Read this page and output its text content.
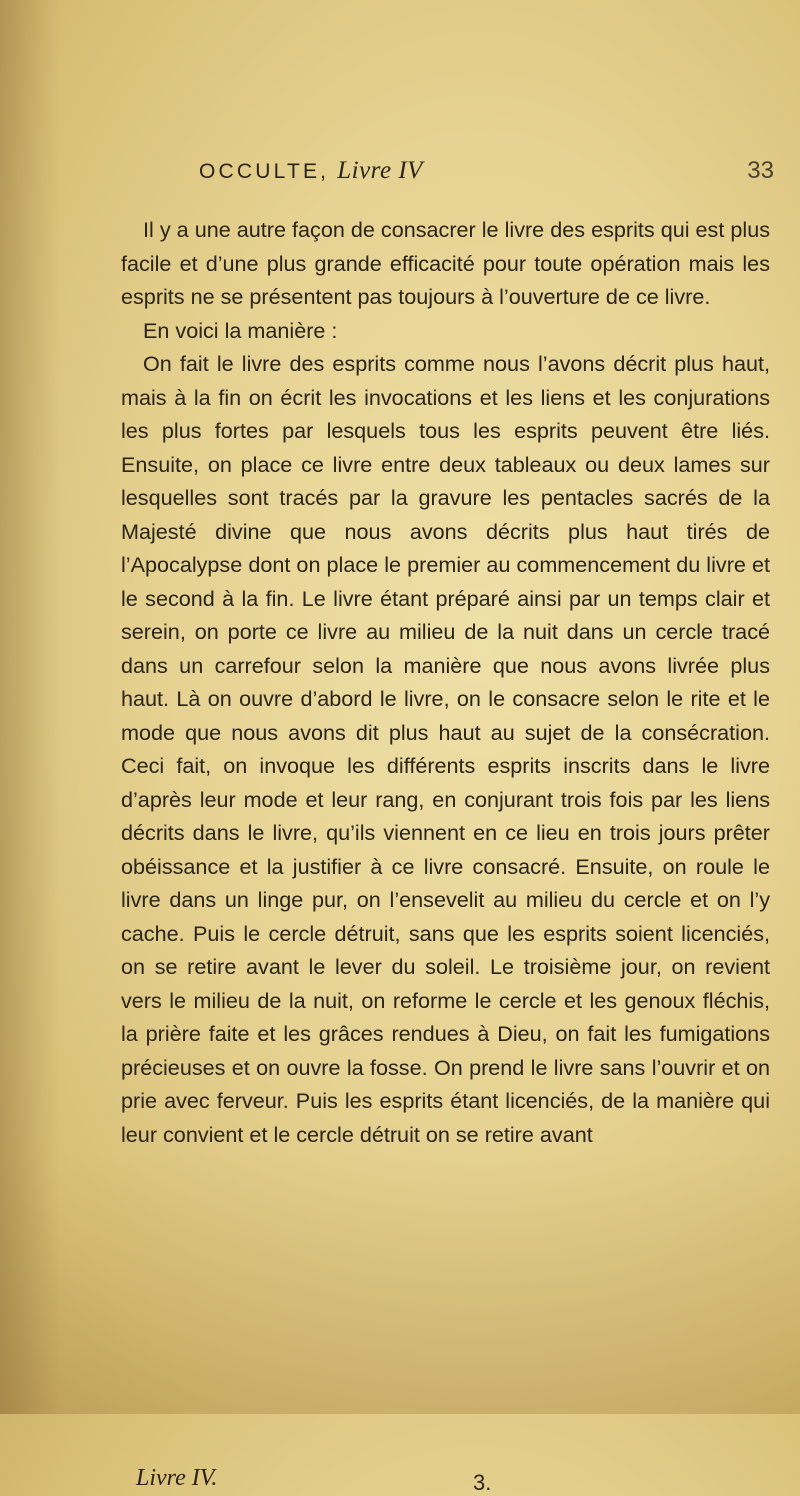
OCCULTE, Livre IV	33

Il y a une autre façon de consacrer le livre des esprits qui est plus facile et d’une plus grande efficacité pour toute opération mais les esprits ne se présentent pas toujours à l’ouverture de ce livre.

En voici la manière :

On fait le livre des esprits comme nous l’avons décrit plus haut, mais à la fin on écrit les invocations et les liens et les conjurations les plus fortes par lesquels tous les esprits peuvent être liés. Ensuite, on place ce livre entre deux tableaux ou deux lames sur lesquelles sont tracés par la gravure les pentacles sacrés de la Majesté divine que nous avons décrits plus haut tirés de l’Apocalypse dont on place le premier au commencement du livre et le second à la fin. Le livre étant préparé ainsi par un temps clair et serein, on porte ce livre au milieu de la nuit dans un cercle tracé dans un carrefour selon la manière que nous avons livrée plus haut. Là on ouvre d’abord le livre, on le consacre selon le rite et le mode que nous avons dit plus haut au sujet de la consécration. Ceci fait, on invoque les différents esprits inscrits dans le livre d’après leur mode et leur rang, en conjurant trois fois par les liens décrits dans le livre, qu’ils viennent en ce lieu en trois jours prêter obéissance et la justifier à ce livre consacré. Ensuite, on roule le livre dans un linge pur, on l’ensevelit au milieu du cercle et on l’y cache. Puis le cercle détruit, sans que les esprits soient licenciés, on se retire avant le lever du soleil. Le troisième jour, on revient vers le milieu de la nuit, on reforme le cercle et les genoux fléchis, la prière faite et les grâces rendues à Dieu, on fait les fumigations précieuses et on ouvre la fosse. On prend le livre sans l’ouvrir et on prie avec ferveur. Puis les esprits étant licenciés, de la manière qui leur convient et le cercle détruit on se retire avant

Livre IV.	3.
